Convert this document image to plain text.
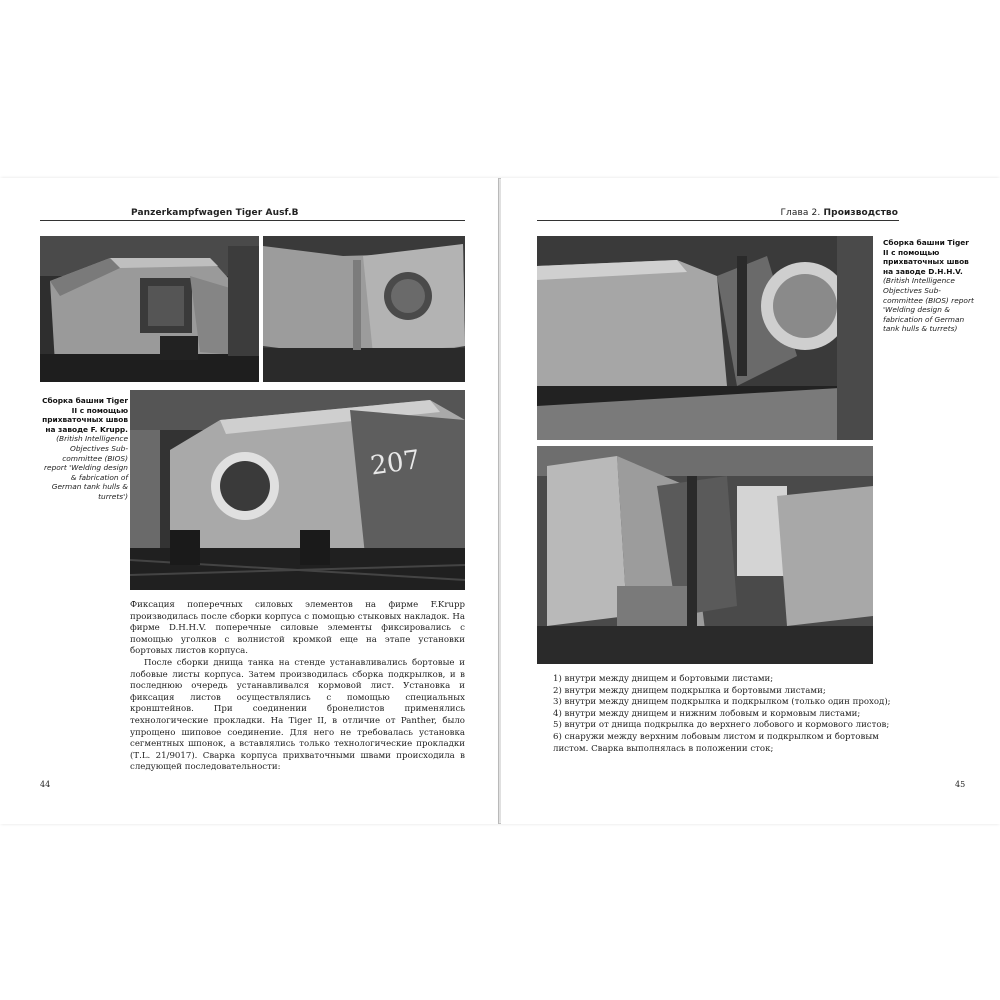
Panzerkampfwagen Tiger Ausf.B
Сборка башни Tiger II с помощью прихваточных швов на заводе F. Krupp.
(British Intelligence Objectives Sub-committee (BIOS) report 'Welding design & fabrication of German tank hulls & turrets')
207

Фиксация поперечных силовых элементов на фирме F.Krupp производилась после сборки корпуса с помощью стыковых накладок. На фирме D.H.H.V. поперечные силовые элементы фиксировались с помощью уголков с волнистой кромкой еще на этапе установки бортовых листов корпуса.

После сборки днища танка на стенде устанавливались бортовые и лобовые листы корпуса. Затем производилась сборка подкрылков, и в последнюю очередь устанавливался кормовой лист. Установка и фиксация листов осуществлялись с помощью специальных кронштейнов. При соединении бронелистов применялись технологические прокладки. На Tiger II, в отличие от Panther, было упрощено шиповое соединение. Для него не требовалась установка сегментных шпонок, а вставлялись только технологические прокладки (Т.L. 21/9017). Сварка корпуса прихваточными швами происходила в следующей последовательности:

44
Глава 2. Производство
Сборка башни Tiger II с помощью прихваточных швов на заводе D.H.H.V.
(British Intelligence Objectives Sub-committee (BIOS) report 'Welding design & fabrication of German tank hulls & turrets)

1) внутри между днищем и бортовыми листами;

2) внутри между днищем подкрылка и бортовыми листами;

3) внутри между днищем подкрылка и подкрылком (только один проход);

4) внутри между днищем и нижним лобовым и кормовым листами;

5) внутри от днища подкрылка до верхнего лобового и кормового листов;

6) снаружи между верхним лобовым листом и подкрылком и бортовым листом. Сварка выполнялась в положении сток;

45
